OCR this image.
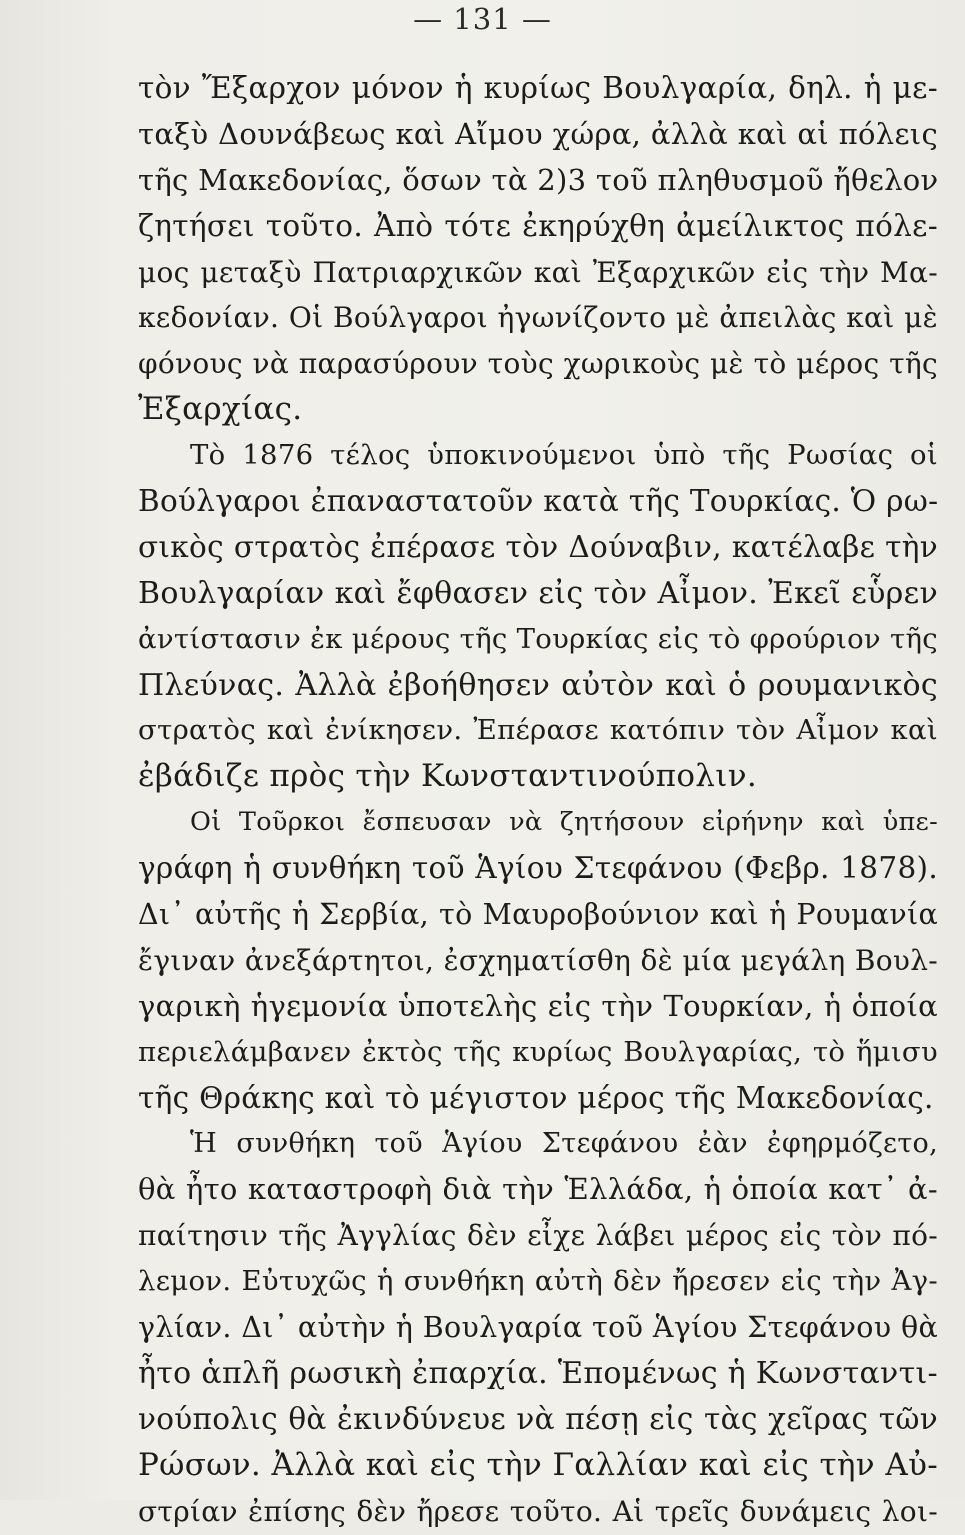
— 131 —
τὸν Ἔξαρχον μόνον ἡ κυρίως Βουλγαρία, δηλ. ἡ με-
ταξὺ Δουνάβεως καὶ Αἴμου χώρα, ἀλλὰ καὶ αἱ πόλεις
τῆς Μακεδονίας, ὅσων τὰ 2)3 τοῦ πληθυσμοῦ ἤθελον
ζητήσει τοῦτο. Ἀπὸ τότε ἐκηρύχθη ἀμείλικτος πόλε-
μος μεταξὺ Πατριαρχικῶν καὶ Ἐξαρχικῶν εἰς τὴν Μα-
κεδονίαν. Οἱ Βούλγαροι ἠγωνίζοντο μὲ ἀπειλὰς καὶ μὲ
φόνους νὰ παρασύρουν τοὺς χωρικοὺς μὲ τὸ μέρος τῆς
Ἐξαρχίας.
Τὸ 1876 τέλος ὑποκινούμενοι ὑπὸ τῆς Ρωσίας οἱ
Βούλγαροι ἐπαναστατοῦν κατὰ τῆς Τουρκίας. Ὁ ρω-
σικὸς στρατὸς ἐπέρασε τὸν Δούναβιν, κατέλαβε τὴν
Βουλγαρίαν καὶ ἔφθασεν εἰς τὸν Αἶμον. Ἐκεῖ εὗρεν
ἀντίστασιν ἐκ μέρους τῆς Τουρκίας εἰς τὸ φρούριον τῆς
Πλεύνας. Ἀλλὰ ἐβοήθησεν αὐτὸν καὶ ὁ ρουμανικὸς
στρατὸς καὶ ἐνίκησεν. Ἐπέρασε κατόπιν τὸν Αἶμον καὶ
ἐβάδιζε πρὸς τὴν Κωνσταντινούπολιν.
Οἱ Τοῦρκοι ἔσπευσαν νὰ ζητήσουν εἰρήνην καὶ ὑπε-
γράφη ἡ συνθήκη τοῦ Ἁγίου Στεφάνου (Φεβρ. 1878).
Δι᾽ αὐτῆς ἡ Σερβία, τὸ Μαυροβούνιον καὶ ἡ Ρουμανία
ἔγιναν ἀνεξάρτητοι, ἐσχηματίσθη δὲ μία μεγάλη Βουλ-
γαρικὴ ἡγεμονία ὑποτελὴς εἰς τὴν Τουρκίαν, ἡ ὁποία
περιελάμβανεν ἐκτὸς τῆς κυρίως Βουλγαρίας, τὸ ἥμισυ
τῆς Θράκης καὶ τὸ μέγιστον μέρος τῆς Μακεδονίας.
Ἡ συνθήκη τοῦ Ἁγίου Στεφάνου ἐὰν ἐφηρμόζετο,
θὰ ἦτο καταστροφὴ διὰ τὴν Ἑλλάδα, ἡ ὁποία κατ᾽ ἀ-
παίτησιν τῆς Ἀγγλίας δὲν εἶχε λάβει μέρος εἰς τὸν πό-
λεμον. Εὐτυχῶς ἡ συνθήκη αὐτὴ δὲν ἤρεσεν εἰς τὴν Ἀγ-
γλίαν. Δι᾽ αὐτὴν ἡ Βουλγαρία τοῦ Ἁγίου Στεφάνου θὰ
ἦτο ἁπλῆ ρωσικὴ ἐπαρχία. Ἑπομένως ἡ Κωνσταντι-
νούπολις θὰ ἐκινδύνευε νὰ πέσῃ εἰς τὰς χεῖρας τῶν
Ρώσων. Ἀλλὰ καὶ εἰς τὴν Γαλλίαν καὶ εἰς τὴν Αὐ-
στρίαν ἐπίσης δὲν ἤρεσε τοῦτο. Αἱ τρεῖς δυνάμεις λοι-
